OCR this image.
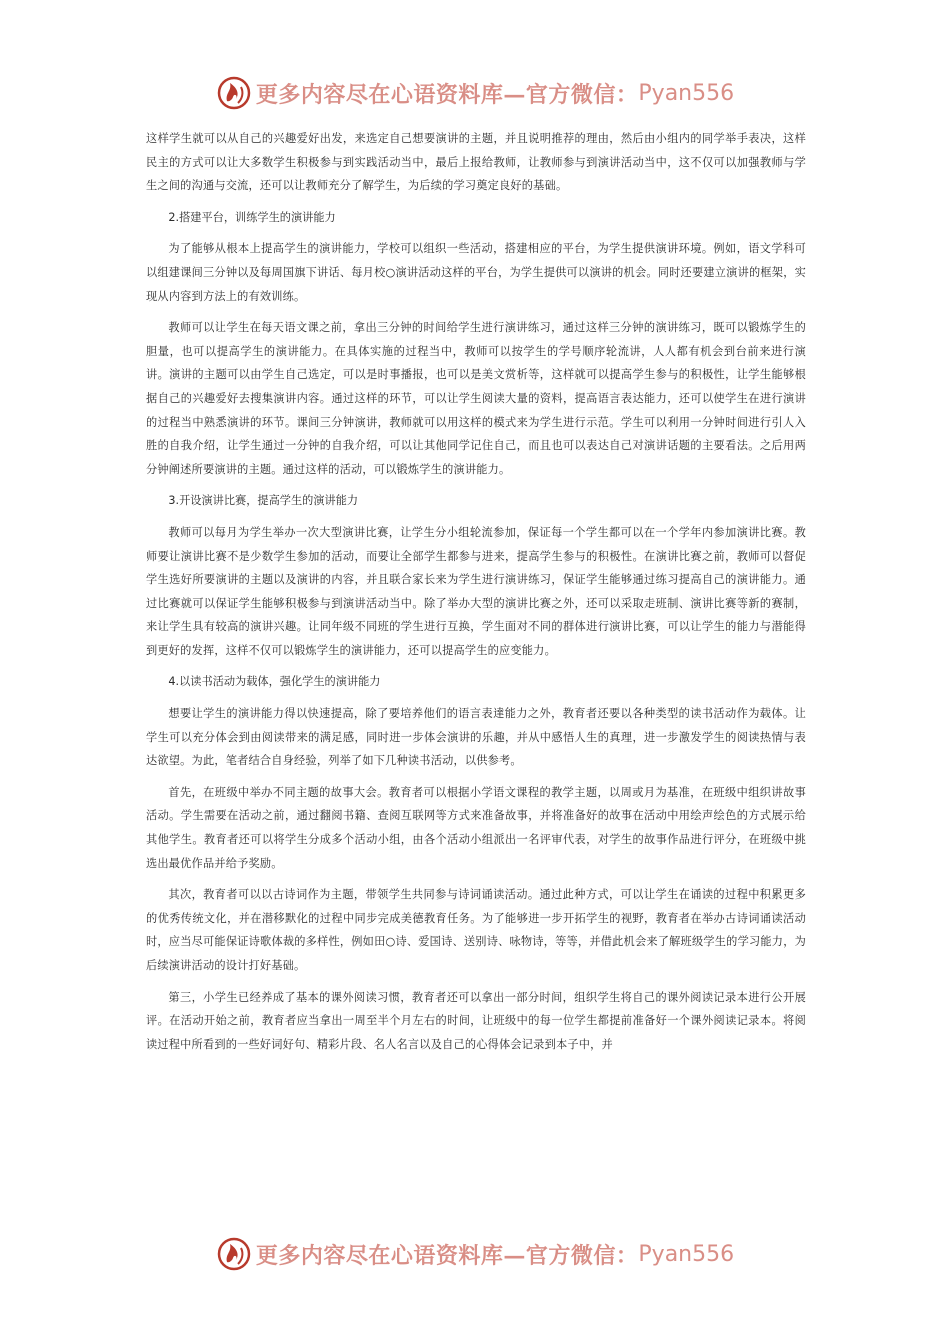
更多内容尽在心语资料库—官方微信： Pyan556

这样学生就可以从自己的兴趣爱好出发，来选定自己想要演讲的主题，并且说明推荐的理由，然后由小组内的同学举手表决，这样民主的方式可以让大多数学生积极参与到实践活动当中，最后上报给教师，让教师参与到演讲活动当中，这不仅可以加强教师与学生之间的沟通与交流，还可以让教师充分了解学生，为后续的学习奠定良好的基础。

2.搭建平台，训练学生的演讲能力

为了能够从根本上提高学生的演讲能力，学校可以组织一些活动，搭建相应的平台，为学生提供演讲环境。例如，语文学科可以组建课间三分钟以及每周国旗下讲话、每月校○演讲活动这样的平台，为学生提供可以演讲的机会。同时还要建立演讲的框架，实现从内容到方法上的有效训练。

教师可以让学生在每天语文课之前，拿出三分钟的时间给学生进行演讲练习，通过这样三分钟的演讲练习，既可以锻炼学生的胆量，也可以提高学生的演讲能力。在具体实施的过程当中，教师可以按学生的学号顺序轮流讲，人人都有机会到台前来进行演讲。演讲的主题可以由学生自己选定，可以是时事播报，也可以是美文赏析等，这样就可以提高学生参与的积极性，让学生能够根据自己的兴趣爱好去搜集演讲内容。通过这样的环节，可以让学生阅读大量的资料，提高语言表达能力，还可以使学生在进行演讲的过程当中熟悉演讲的环节。课间三分钟演讲，教师就可以用这样的模式来为学生进行示范。学生可以利用一分钟时间进行引人入胜的自我介绍，让学生通过一分钟的自我介绍，可以让其他同学记住自己，而且也可以表达自己对演讲话题的主要看法。之后用两分钟阐述所要演讲的主题。通过这样的活动，可以锻炼学生的演讲能力。

3.开设演讲比赛，提高学生的演讲能力

教师可以每月为学生举办一次大型演讲比赛，让学生分小组轮流参加，保证每一个学生都可以在一个学年内参加演讲比赛。教师要让演讲比赛不是少数学生参加的活动，而要让全部学生都参与进来，提高学生参与的积极性。在演讲比赛之前，教师可以督促学生选好所要演讲的主题以及演讲的内容，并且联合家长来为学生进行演讲练习，保证学生能够通过练习提高自己的演讲能力。通过比赛就可以保证学生能够积极参与到演讲活动当中。除了举办大型的演讲比赛之外，还可以采取走班制、演讲比赛等新的赛制，来让学生具有较高的演讲兴趣。让同年级不同班的学生进行互换，学生面对不同的群体进行演讲比赛，可以让学生的能力与潜能得到更好的发挥，这样不仅可以锻炼学生的演讲能力，还可以提高学生的应变能力。

4.以读书活动为载体，强化学生的演讲能力

想要让学生的演讲能力得以快速提高，除了要培养他们的语言表達能力之外，教育者还要以各种类型的读书活动作为载体。让学生可以充分体会到由阅读带来的满足感，同时进一步体会演讲的乐趣，并从中感悟人生的真理，进一步激发学生的阅读热情与表达欲望。为此，笔者结合自身经验，列举了如下几种读书活动，以供参考。

首先，在班级中举办不同主题的故事大会。教育者可以根据小学语文课程的教学主题，以周或月为基准，在班级中组织讲故事活动。学生需要在活动之前，通过翻阅书籍、查阅互联网等方式来准备故事，并将准备好的故事在活动中用绘声绘色的方式展示给其他学生。教育者还可以将学生分成多个活动小组，由各个活动小组派出一名评审代表，对学生的故事作品进行评分，在班级中挑选出最优作品并给予奖励。

其次，教育者可以以古诗词作为主题，带领学生共同参与诗词诵读活动。通过此种方式，可以让学生在诵读的过程中积累更多的优秀传统文化，并在潜移默化的过程中同步完成美德教育任务。为了能够进一步开拓学生的视野，教育者在举办古诗词诵读活动时，应当尽可能保证诗歌体裁的多样性，例如田○诗、爱国诗、送别诗、咏物诗，等等，并借此机会来了解班级学生的学习能力，为后续演讲活动的设计打好基础。

第三，小学生已经养成了基本的课外阅读习惯，教育者还可以拿出一部分时间，组织学生将自己的课外阅读记录本进行公开展评。在活动开始之前，教育者应当拿出一周至半个月左右的时间，让班级中的每一位学生都提前准备好一个课外阅读记录本。将阅读过程中所看到的一些好词好句、精彩片段、名人名言以及自己的心得体会记录到本子中，并

更多内容尽在心语资料库—官方微信： Pyan556
